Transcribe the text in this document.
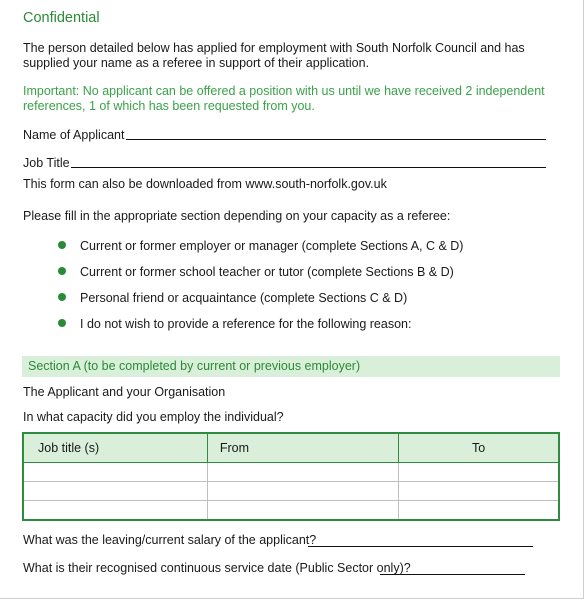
Confidential
The person detailed below has applied for employment with South Norfolk Council and has supplied your name as a referee in support of their application.
Important: No applicant can be offered a position with us until we have received 2 independent references, 1 of which has been requested from you.
Name of Applicant
Job Title
This form can also be downloaded from www.south-norfolk.gov.uk
Please fill in the appropriate section depending on your capacity as a referee:
Current or former employer or manager (complete Sections A, C & D)
Current or former school teacher or tutor (complete Sections B & D)
Personal friend or acquaintance (complete Sections C & D)
I do not wish to provide a reference for the following reason:
Section A (to be completed by current or previous employer)
The Applicant and your Organisation
In what capacity did you employ the individual?
Job title (s)	From	To

What was the leaving/current salary of the applicant?
What is their recognised continuous service date (Public Sector only)?
